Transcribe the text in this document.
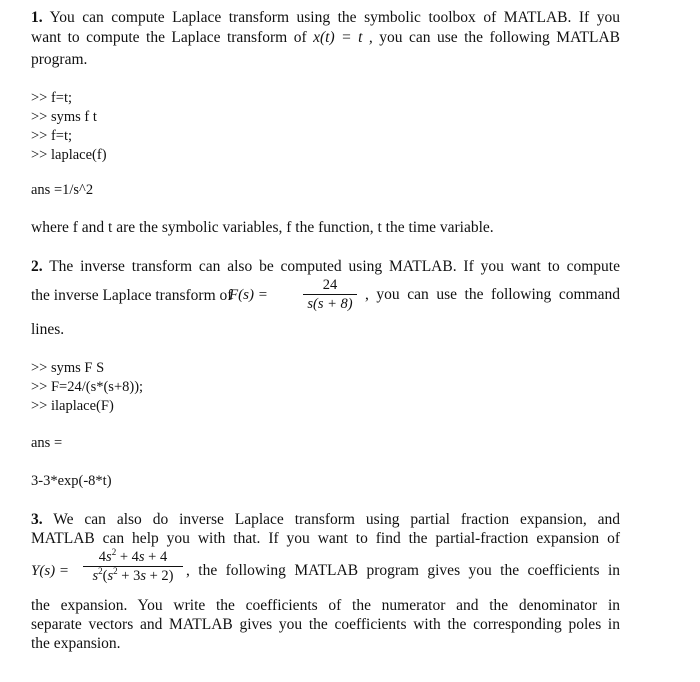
1. You can compute Laplace transform using the symbolic toolbox of MATLAB. If you
want to compute the Laplace transform of x(t) = t , you can use the following MATLAB
program.
>> f=t;
>> syms f t
>> f=t;
>> laplace(f)
ans =1/s^2
where f and t are the symbolic variables, f the function, t the time variable.
2. The inverse transform can also be computed using MATLAB. If you want to compute
the inverse Laplace transform of
$F(s) = \frac{24}{s(s + 8)}$ , you can use the following command
lines.
>> syms F S
>> F=24/(s*(s+8));
>> ilaplace(F)
ans =
3-3*exp(-8*t)
3. We can also do inverse Laplace transform using partial fraction expansion, and
MATLAB can help you with that. If you want to find the partial-fraction expansion of
$Y(s) = \frac{4s^2 + 4s + 4}{s^2(s^2 + 3s + 2)}$ , the following MATLAB program gives you the coefficients in
the expansion. You write the coefficients of the numerator and the denominator in
separate vectors and MATLAB gives you the coefficients with the corresponding poles in
the expansion.
